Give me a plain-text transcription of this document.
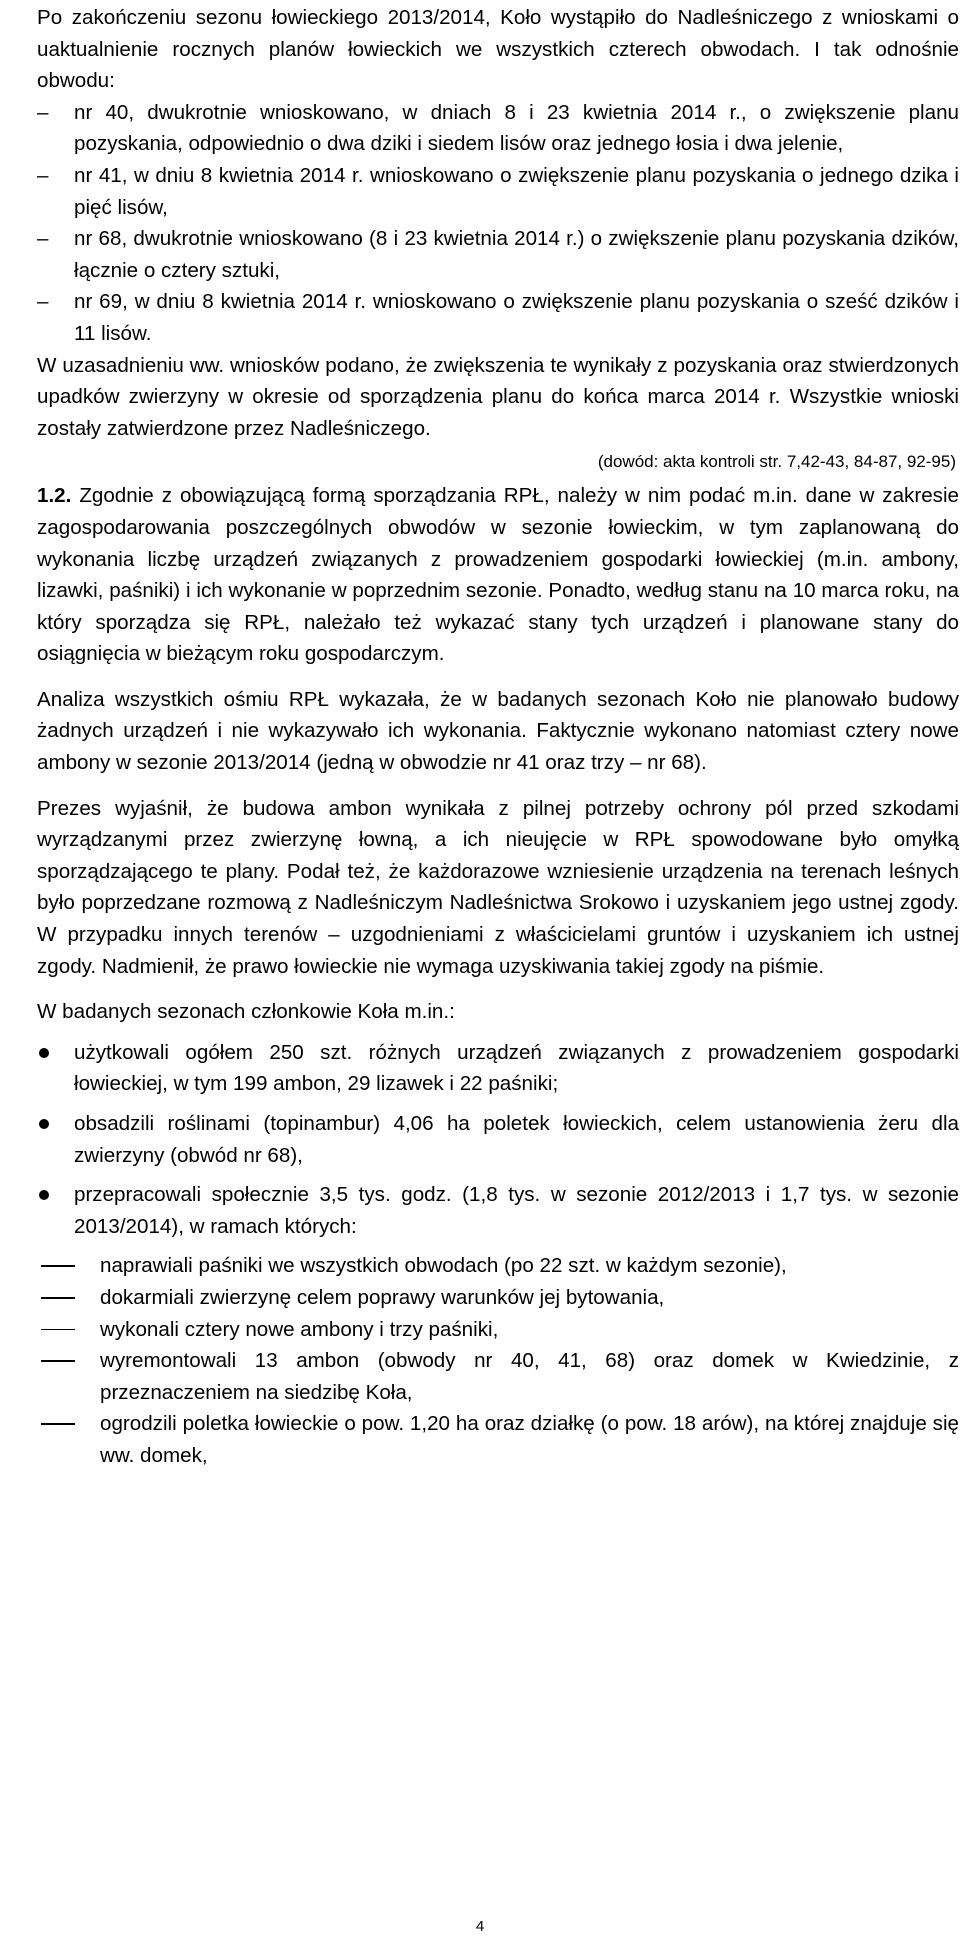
Po zakończeniu sezonu łowieckiego 2013/2014, Koło wystąpiło do Nadleśniczego z wnioskami o uaktualnienie rocznych planów łowieckich we wszystkich czterech obwodach. I tak odnośnie obwodu:

– nr 40, dwukrotnie wnioskowano, w dniach 8 i 23 kwietnia 2014 r., o zwiększenie planu pozyskania, odpowiednio o dwa dziki i siedem lisów oraz jednego łosia i dwa jelenie,
– nr 41, w dniu 8 kwietnia 2014 r. wnioskowano o zwiększenie planu pozyskania o jednego dzika i pięć lisów,
– nr 68, dwukrotnie wnioskowano (8 i 23 kwietnia 2014 r.) o zwiększenie planu pozyskania dzików, łącznie o cztery sztuki,
– nr 69, w dniu 8 kwietnia 2014 r. wnioskowano o zwiększenie planu pozyskania o sześć dzików i 11 lisów.

W uzasadnieniu ww. wniosków podano, że zwiększenia te wynikały z pozyskania oraz stwierdzonych upadków zwierzyny w okresie od sporządzenia planu do końca marca 2014 r. Wszystkie wnioski zostały zatwierdzone przez Nadleśniczego.

(dowód: akta kontroli str. 7,42-43, 84-87, 92-95)

1.2. Zgodnie z obowiązującą formą sporządzania RPŁ, należy w nim podać m.in. dane w zakresie zagospodarowania poszczególnych obwodów w sezonie łowieckim, w tym zaplanowaną do wykonania liczbę urządzeń związanych z prowadzeniem gospodarki łowieckiej (m.in. ambony, lizawki, paśniki) i ich wykonanie w poprzednim sezonie. Ponadto, według stanu na 10 marca roku, na który sporządza się RPŁ, należało też wykazać stany tych urządzeń i planowane stany do osiągnięcia w bieżącym roku gospodarczym.

Analiza wszystkich ośmiu RPŁ wykazała, że w badanych sezonach Koło nie planowało budowy żadnych urządzeń i nie wykazywało ich wykonania. Faktycznie wykonano natomiast cztery nowe ambony w sezonie 2013/2014 (jedną w obwodzie nr 41 oraz trzy – nr 68).

Prezes wyjaśnił, że budowa ambon wynikała z pilnej potrzeby ochrony pól przed szkodami wyrządzanymi przez zwierzynę łowną, a ich nieujęcie w RPŁ spowodowane było omyłką sporządzającego te plany. Podał też, że każdorazowe wzniesienie urządzenia na terenach leśnych było poprzedzane rozmową z Nadleśniczym Nadleśnictwa Srokowo i uzyskaniem jego ustnej zgody. W przypadku innych terenów – uzgodnieniami z właścicielami gruntów i uzyskaniem ich ustnej zgody. Nadmienił, że prawo łowieckie nie wymaga uzyskiwania takiej zgody na piśmie.

W badanych sezonach członkowie Koła m.in.:

użytkowali ogółem 250 szt. różnych urządzeń związanych z prowadzeniem gospodarki łowieckiej, w tym 199 ambon, 29 lizawek i 22 paśniki;
obsadzili roślinami (topinambur) 4,06 ha poletek łowieckich, celem ustanowienia żeru dla zwierzyny (obwód nr 68),
przepracowali społecznie 3,5 tys. godz. (1,8 tys. w sezonie 2012/2013 i 1,7 tys. w sezonie 2013/2014), w ramach których:
naprawiali paśniki we wszystkich obwodach (po 22 szt. w każdym sezonie),
dokarmiali zwierzynę celem poprawy warunków jej bytowania,
wykonali cztery nowe ambony i trzy paśniki,
wyremontowali 13 ambon (obwody nr 40, 41, 68) oraz domek w Kwiedzinie, z przeznaczeniem na siedzibę Koła,
ogrodzili poletka łowieckie o pow. 1,20 ha oraz działkę (o pow. 18 arów), na której znajduje się ww. domek,
4
